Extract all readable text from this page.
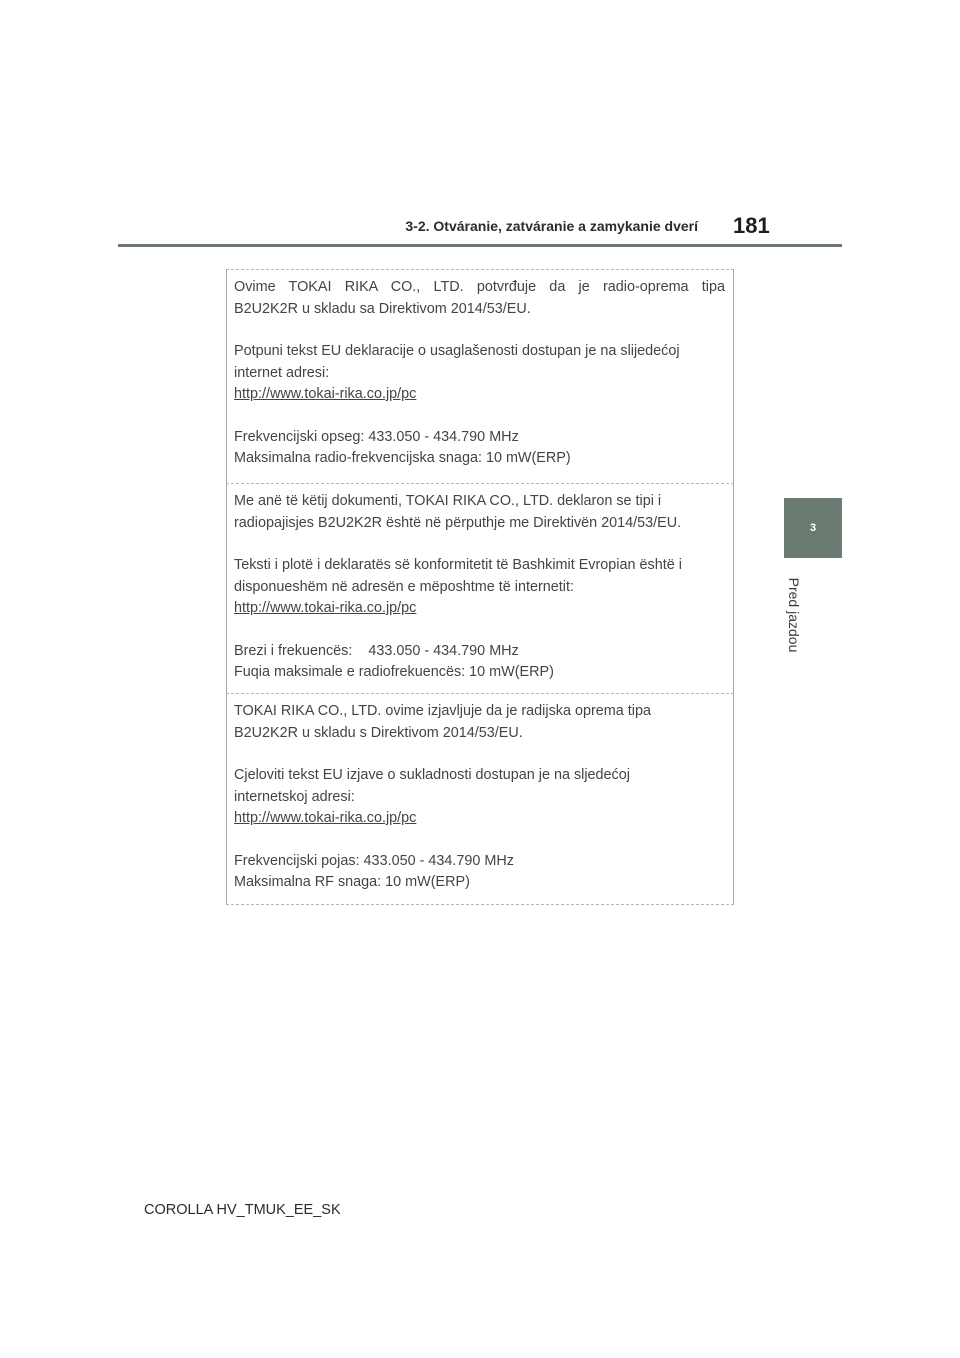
3-2. Otváranie, zatváranie a zamykanie dverí 181
3
Pred jazdou

Ovime TOKAI RIKA CO., LTD. potvrđuje da je radio-oprema tipa

B2U2K2R u skladu sa Direktivom 2014/53/EU.

Potpuni tekst EU deklaracije o usaglašenosti dostupan je na slijedećoj

internet adresi:

http://www.tokai-rika.co.jp/pc

Frekvencijski opseg: 433.050 - 434.790 MHz

Maksimalna radio-frekvencijska snaga: 10 mW(ERP)

Me anë të këtij dokumenti, TOKAI RIKA CO., LTD. deklaron se tipi i

radiopajisjes B2U2K2R është në përputhje me Direktivën 2014/53/EU.

Teksti i plotë i deklaratës së konformitetit të Bashkimit Evropian është i

disponueshëm në adresën e mëposhtme të internetit:

http://www.tokai-rika.co.jp/pc

Brezi i frekuencës:    433.050 - 434.790 MHz

Fuqia maksimale e radiofrekuencës: 10 mW(ERP)

TOKAI RIKA CO., LTD. ovime izjavljuje da je radijska oprema tipa

B2U2K2R u skladu s Direktivom 2014/53/EU.

Cjeloviti tekst EU izjave o sukladnosti dostupan je na sljedećoj

internetskoj adresi:

http://www.tokai-rika.co.jp/pc

Frekvencijski pojas: 433.050 - 434.790 MHz

Maksimalna RF snaga: 10 mW(ERP)

COROLLA HV_TMUK_EE_SK
